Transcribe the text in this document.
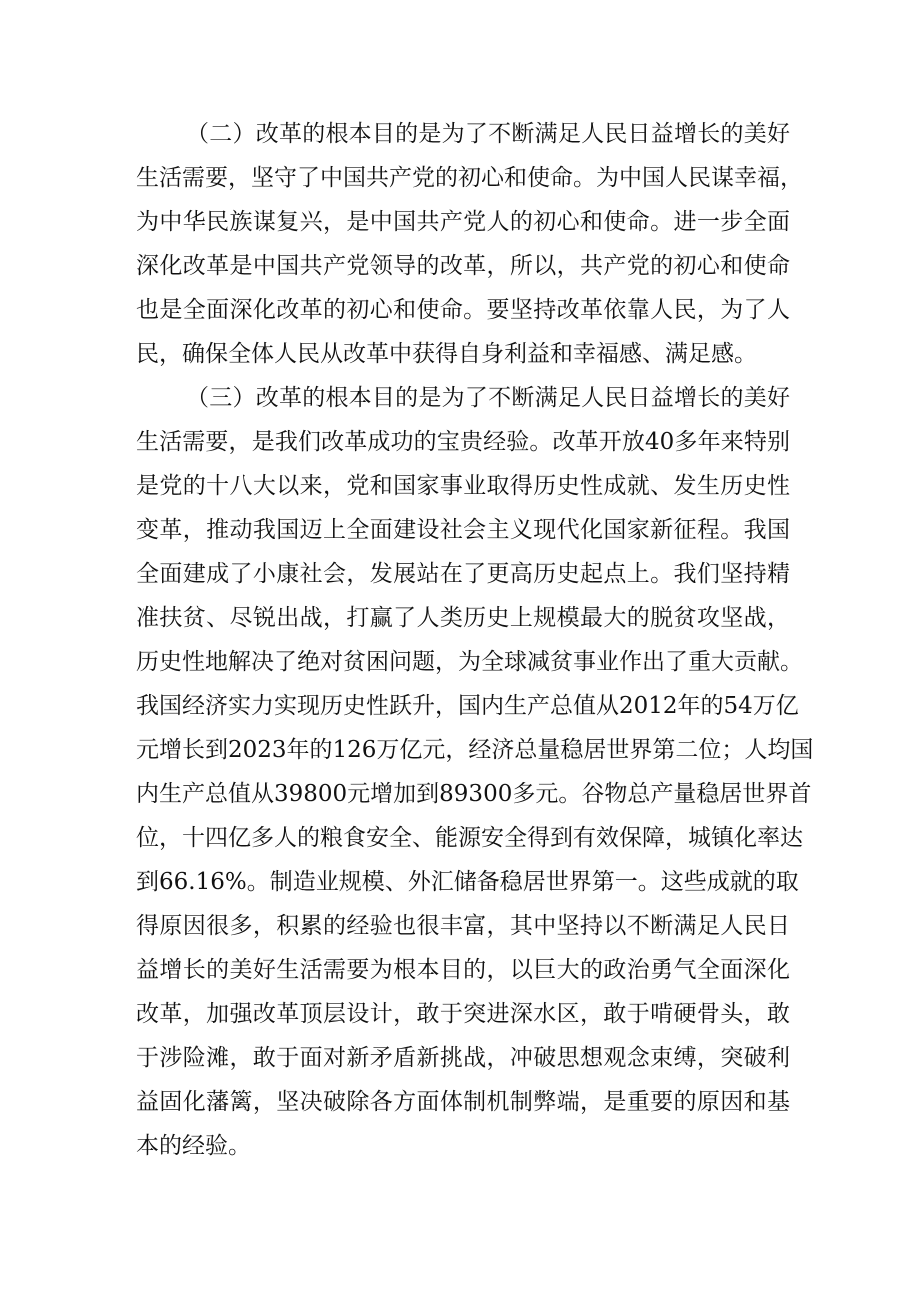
（二）改革的根本目的是为了不断满足人民日益增长的美好
生活需要，坚守了中国共产党的初心和使命。为中国人民谋幸福，
为中华民族谋复兴，是中国共产党人的初心和使命。进一步全面
深化改革是中国共产党领导的改革，所以，共产党的初心和使命
也是全面深化改革的初心和使命。要坚持改革依靠人民，为了人
民，确保全体人民从改革中获得自身利益和幸福感、满足感。
（三）改革的根本目的是为了不断满足人民日益增长的美好
生活需要，是我们改革成功的宝贵经验。改革开放40多年来特别
是党的十八大以来，党和国家事业取得历史性成就、发生历史性
变革，推动我国迈上全面建设社会主义现代化国家新征程。我国
全面建成了小康社会，发展站在了更高历史起点上。我们坚持精
准扶贫、尽锐出战，打赢了人类历史上规模最大的脱贫攻坚战，
历史性地解决了绝对贫困问题，为全球减贫事业作出了重大贡献。
我国经济实力实现历史性跃升，国内生产总值从2012年的54万亿
元增长到2023年的126万亿元，经济总量稳居世界第二位；人均国
内生产总值从39800元增加到89300多元。谷物总产量稳居世界首
位，十四亿多人的粮食安全、能源安全得到有效保障，城镇化率达
到66.16%。制造业规模、外汇储备稳居世界第一。这些成就的取
得原因很多，积累的经验也很丰富，其中坚持以不断满足人民日
益增长的美好生活需要为根本目的，以巨大的政治勇气全面深化
改革，加强改革顶层设计，敢于突进深水区，敢于啃硬骨头，敢
于涉险滩，敢于面对新矛盾新挑战，冲破思想观念束缚，突破利
益固化藩篱，坚决破除各方面体制机制弊端，是重要的原因和基
本的经验。
